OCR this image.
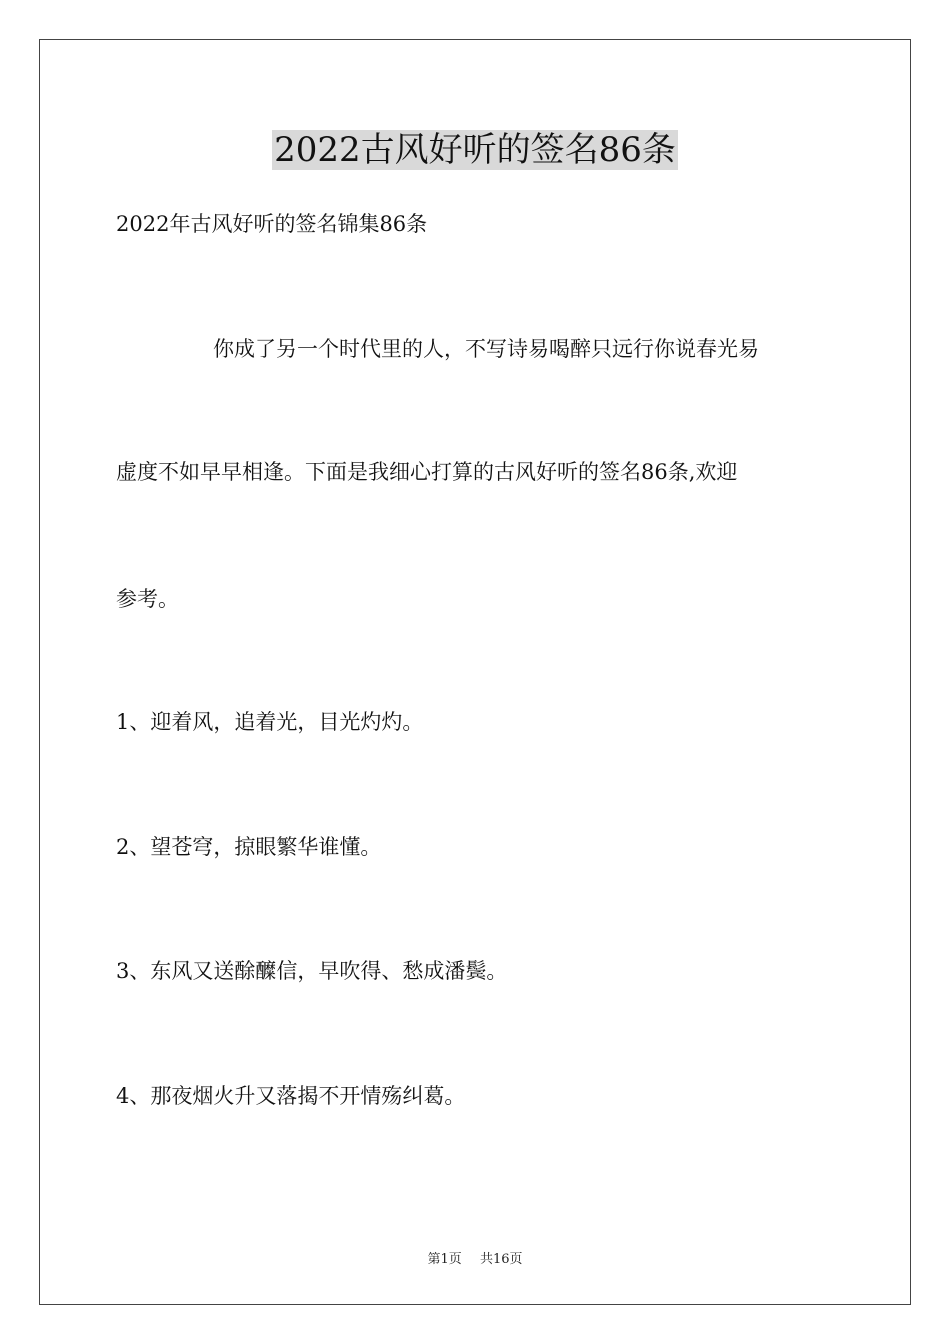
2022古风好听的签名86条
2022年古风好听的签名锦集86条
你成了另一个时代里的人，不写诗易喝醉只远行你说春光易
虚度不如早早相逢。下面是我细心打算的古风好听的签名86条,欢迎
参考。
1、迎着风，追着光，目光灼灼。
2、望苍穹，掠眼繁华谁懂。
3、东风又送酴醾信，早吹得、愁成潘鬓。
4、那夜烟火升又落揭不开情殇纠葛。
第1页 共16页
